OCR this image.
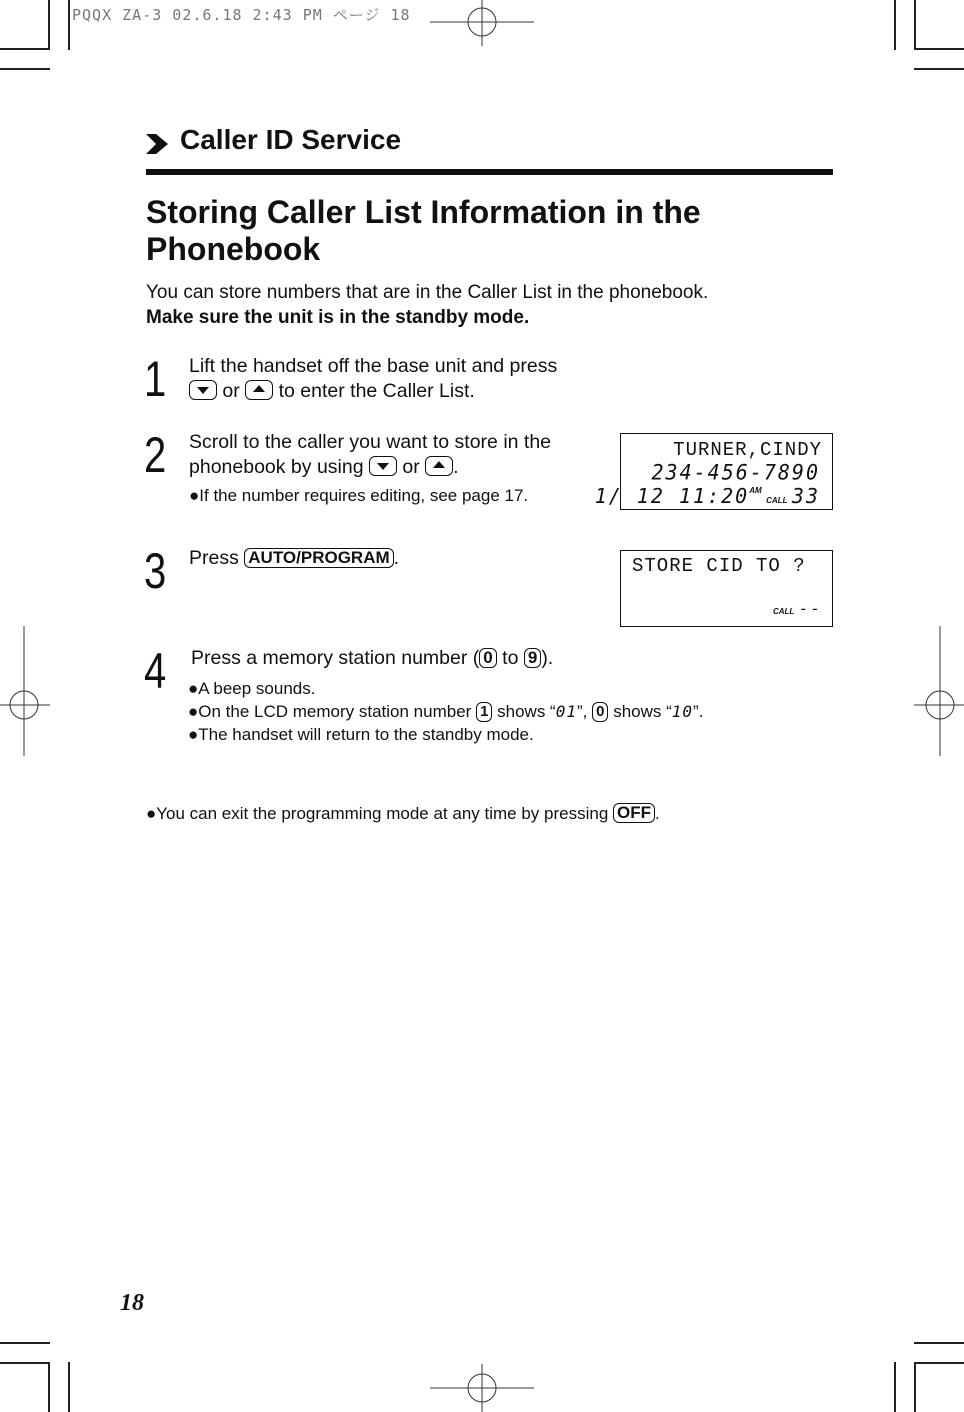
PQQX ZA-3 02.6.18 2:43 PM ページ 18
Caller ID Service
Storing Caller List Information in the
Phonebook
You can store numbers that are in the Caller List in the phonebook.
Make sure the unit is in the standby mode.
1 Lift the handset off the base unit and press
or to enter the Caller List.
2 Scroll to the caller you want to store in the
phonebook by using or .
●If the number requires editing, see page 17.
TURNER,CINDY
234-456-7890
1/ 12 $11:20^{AM}$ CALL 33
3 Press AUTO/PROGRAM .	STORE CID TO ?
CALL --
4 Press a memory station number ( 0 to 9 ).
●A beep sounds.
●On the LCD memory station number 1 shows “01”, 0 shows “10”.
●The handset will return to the standby mode.
●You can exit the programming mode at any time by pressing OFF .
18
